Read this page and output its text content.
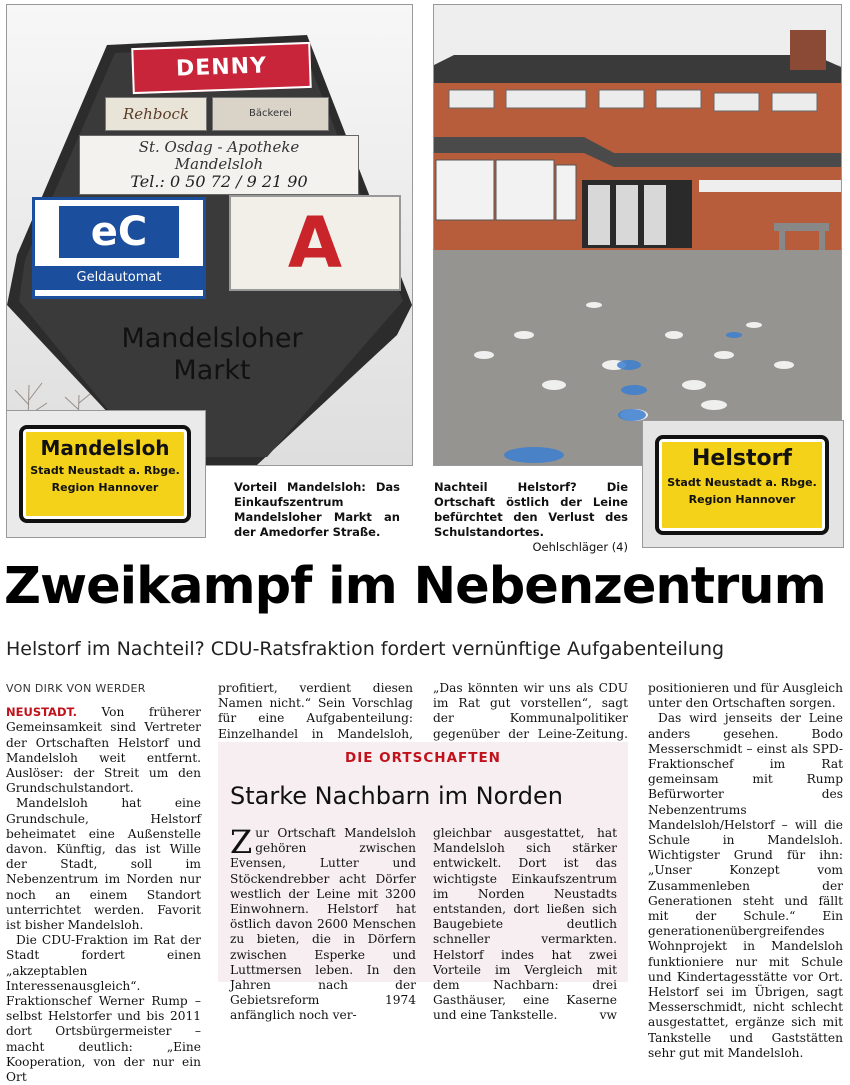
DENNY
Rehbock	Bäckerei
St. Osdag - Apotheke
Mandelsloh
Tel.: 0 50 72 / 9 21 90
eC
Geldautomat	A
Mandelsloher
Markt
Mandelsloh
Stadt Neustadt a. Rbge.
Region Hannover	Vorteil Mandelsloh: Das Einkaufszentrum Mandelsloher Markt an der Amedorfer Straße.
Helstorf
Stadt Neustadt a. Rbge.
Region Hannover
Nachteil Helstorf? Die Ortschaft östlich der Leine befürchtet den Verlust des Schulstandortes.
Oehlschläger (4)
Zweikampf im Nebenzentrum
Helstorf im Nachteil? CDU-Ratsfraktion fordert vernünftige Aufgabenteilung

VON DIRK VON WERDER

NEUSTADT. Von früherer Gemeinsamkeit sind Vertreter der Ortschaften Helstorf und Mandelsloh weit entfernt. Auslöser: der Streit um den Grundschulstandort.

Mandelsloh hat eine Grundschule, Helstorf beheimatet eine Außenstelle davon. Künftig, das ist Wille der Stadt, soll im Nebenzentrum im Norden nur noch an einem Standort unterrichtet werden. Favorit ist bisher Mandelsloh.

Die CDU-Fraktion im Rat der Stadt fordert einen „akzeptablen Interessenausgleich“. Fraktionschef Werner Rump – selbst Helstorfer und bis 2011 dort Ortsbürgermeister – macht deutlich: „Eine Kooperation, von der nur ein Ort

profitiert, verdient diesen Namen nicht.“ Sein Vorschlag für eine Aufgabenteilung: Einzelhandel in Mandelsloh,

„Das könnten wir uns als CDU im Rat gut vorstellen“, sagt der Kommunalpolitiker gegenüber der Leine-Zeitung.

positionieren und für Ausgleich unter den Ortschaften sorgen.

Das wird jenseits der Leine anders gesehen. Bodo Messerschmidt – einst als SPD-Fraktionschef im Rat gemeinsam mit Rump Befürworter des Nebenzentrums Mandelsloh/Helstorf – will die Schule in Mandelsloh. Wichtigster Grund für ihn: „Unser Konzept vom Zusammenleben der Generationen steht und fällt mit der Schule.“ Ein generationenübergreifendes Wohnprojekt in Mandelsloh funktioniere nur mit Schule und Kindertagesstätte vor Ort. Helstorf sei im Übrigen, sagt Messerschmidt, nicht schlecht ausgestattet, ergänze sich mit Tankstelle und Gaststätten sehr gut mit Mandelsloh.

DIE ORTSCHAFTEN
Starke Nachbarn im Norden
Zur Ortschaft Mandelsloh gehören zwischen Evensen, Lutter und Stöckendrebber acht Dörfer westlich der Leine mit 3200 Einwohnern. Helstorf hat östlich davon 2600 Menschen zu bieten, die in Dörfern zwischen Esperke und Luttmersen leben. In den Jahren nach der Gebietsreform 1974 anfänglich noch ver-
gleichbar ausgestattet, hat Mandelsloh sich stärker entwickelt. Dort ist das wichtigste Einkaufszentrum im Norden Neustadts entstanden, dort ließen sich Baugebiete deutlich schneller vermarkten. Helstorf indes hat zwei Vorteile im Vergleich mit dem Nachbarn: drei Gasthäuser, eine Kaserne und eine Tankstelle.	vw
